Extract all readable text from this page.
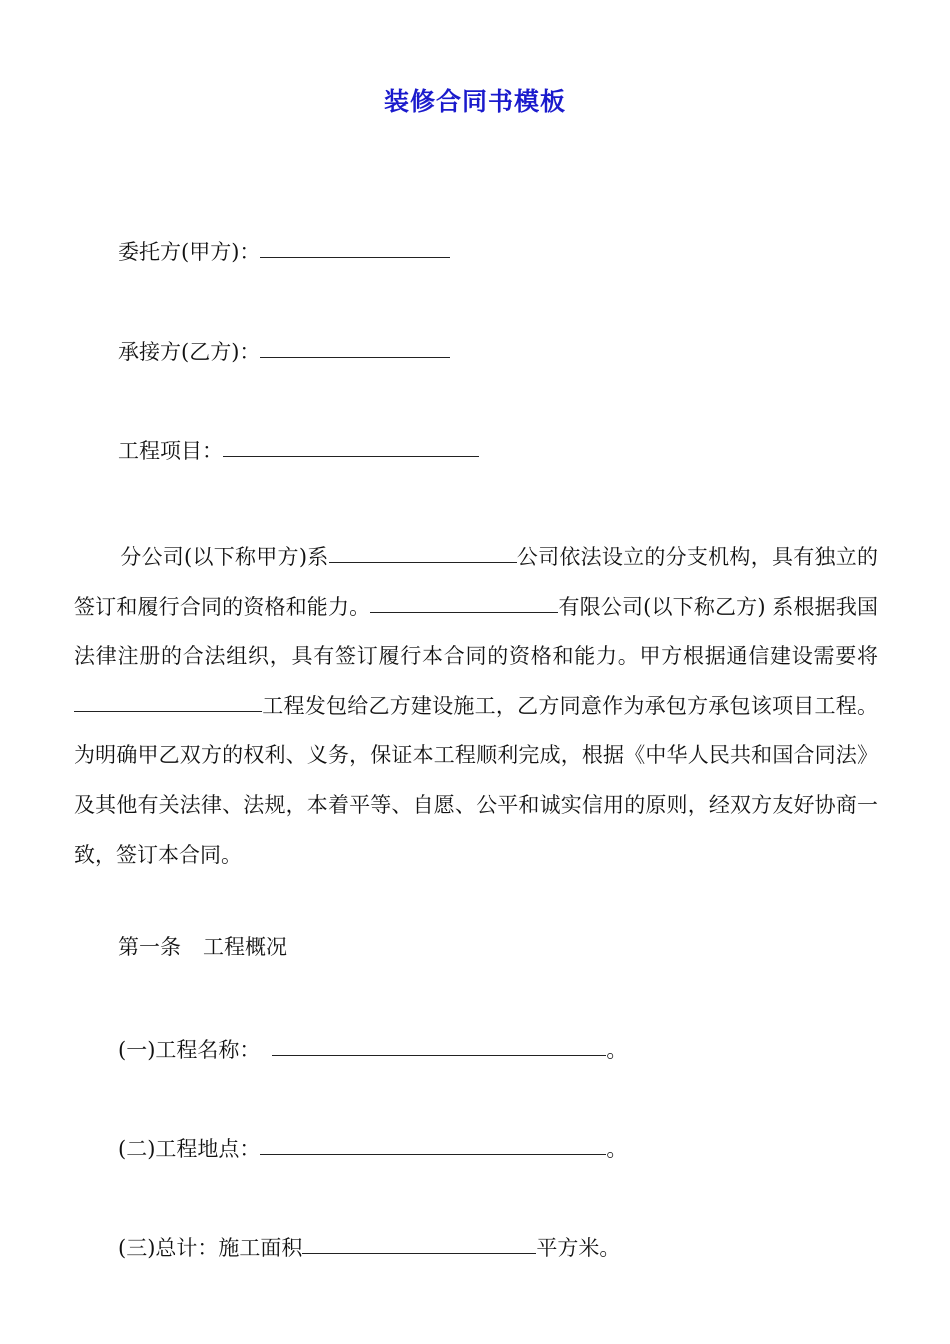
装修合同书模板
委托方(甲方)：
承接方(乙方)：
工程项目：
分公司(以下称甲方)系	公司依法设立的分支机构，具有独立的签订和履行合同的资格和能力。	有限公司(以下称乙方) 系根据我国法律注册的合法组织，具有签订履行本合同的资格和能力。甲方根据通信建设需要将工程发包给乙方建设施工，乙方同意作为承包方承包该项目工程。为明确甲乙双方的权利、义务，保证本工程顺利完成，根据《中华人民共和国合同法》及其他有关法律、法规，本着平等、自愿、公平和诚实信用的原则，经双方友好协商一致，签订本合同。
第一条 工程概况
(一)工程名称：	。
(二)工程地点：	。
(三)总计：施工面积	平方米。
